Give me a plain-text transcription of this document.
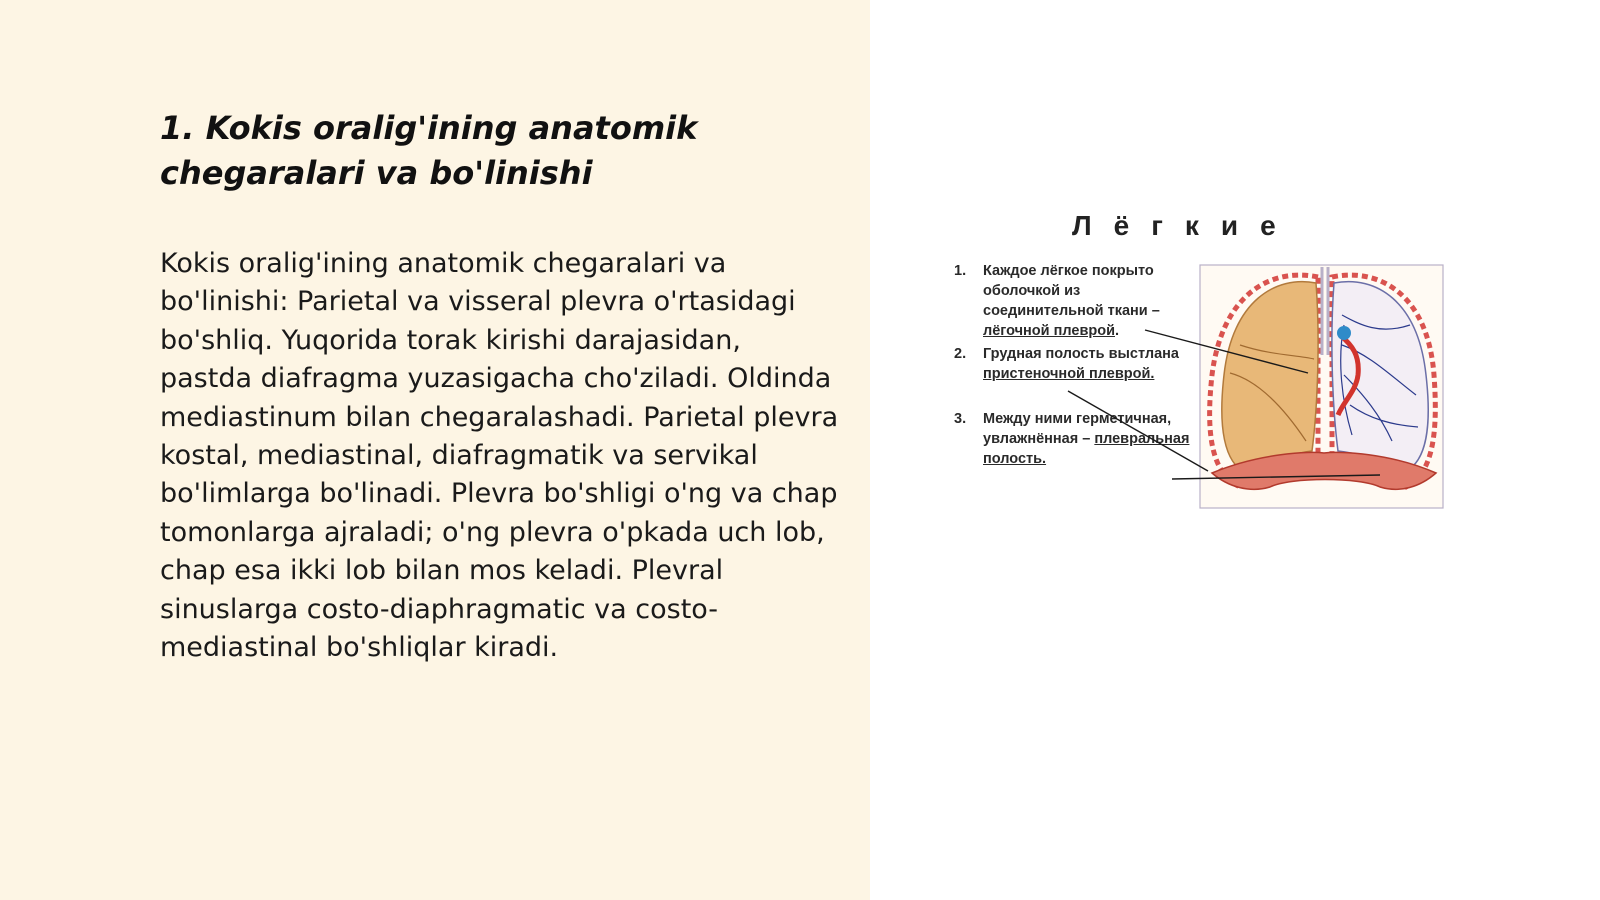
1. Kokis oralig'ining anatomik chegaralari va bo'linishi

Kokis oralig'ining anatomik chegaralari va bo'linishi: Parietal va visseral plevra o'rtasidagi bo'shliq. Yuqorida torak kirishi darajasidan, pastda diafragma yuzasigacha cho'ziladi. Oldinda mediastinum bilan chegaralashadi. Parietal plevra kostal, mediastinal, diafragmatik va servikal bo'limlarga bo'linadi. Plevra bo'shligi o'ng va chap tomonlarga ajraladi; o'ng plevra o'pkada uch lob, chap esa ikki lob bilan mos keladi. Plevral sinuslarga costo-diaphragmatic va costo-mediastinal bo'shliqlar kiradi.

Лёгкие
1.	Каждое лёгкое покрыто оболочкой из соединительной ткани – лёгочной плеврой.
2.	Грудная полость выстлана пристеночной плеврой.
3.	Между ними герметичная, увлажнённая – плевральная полость.
